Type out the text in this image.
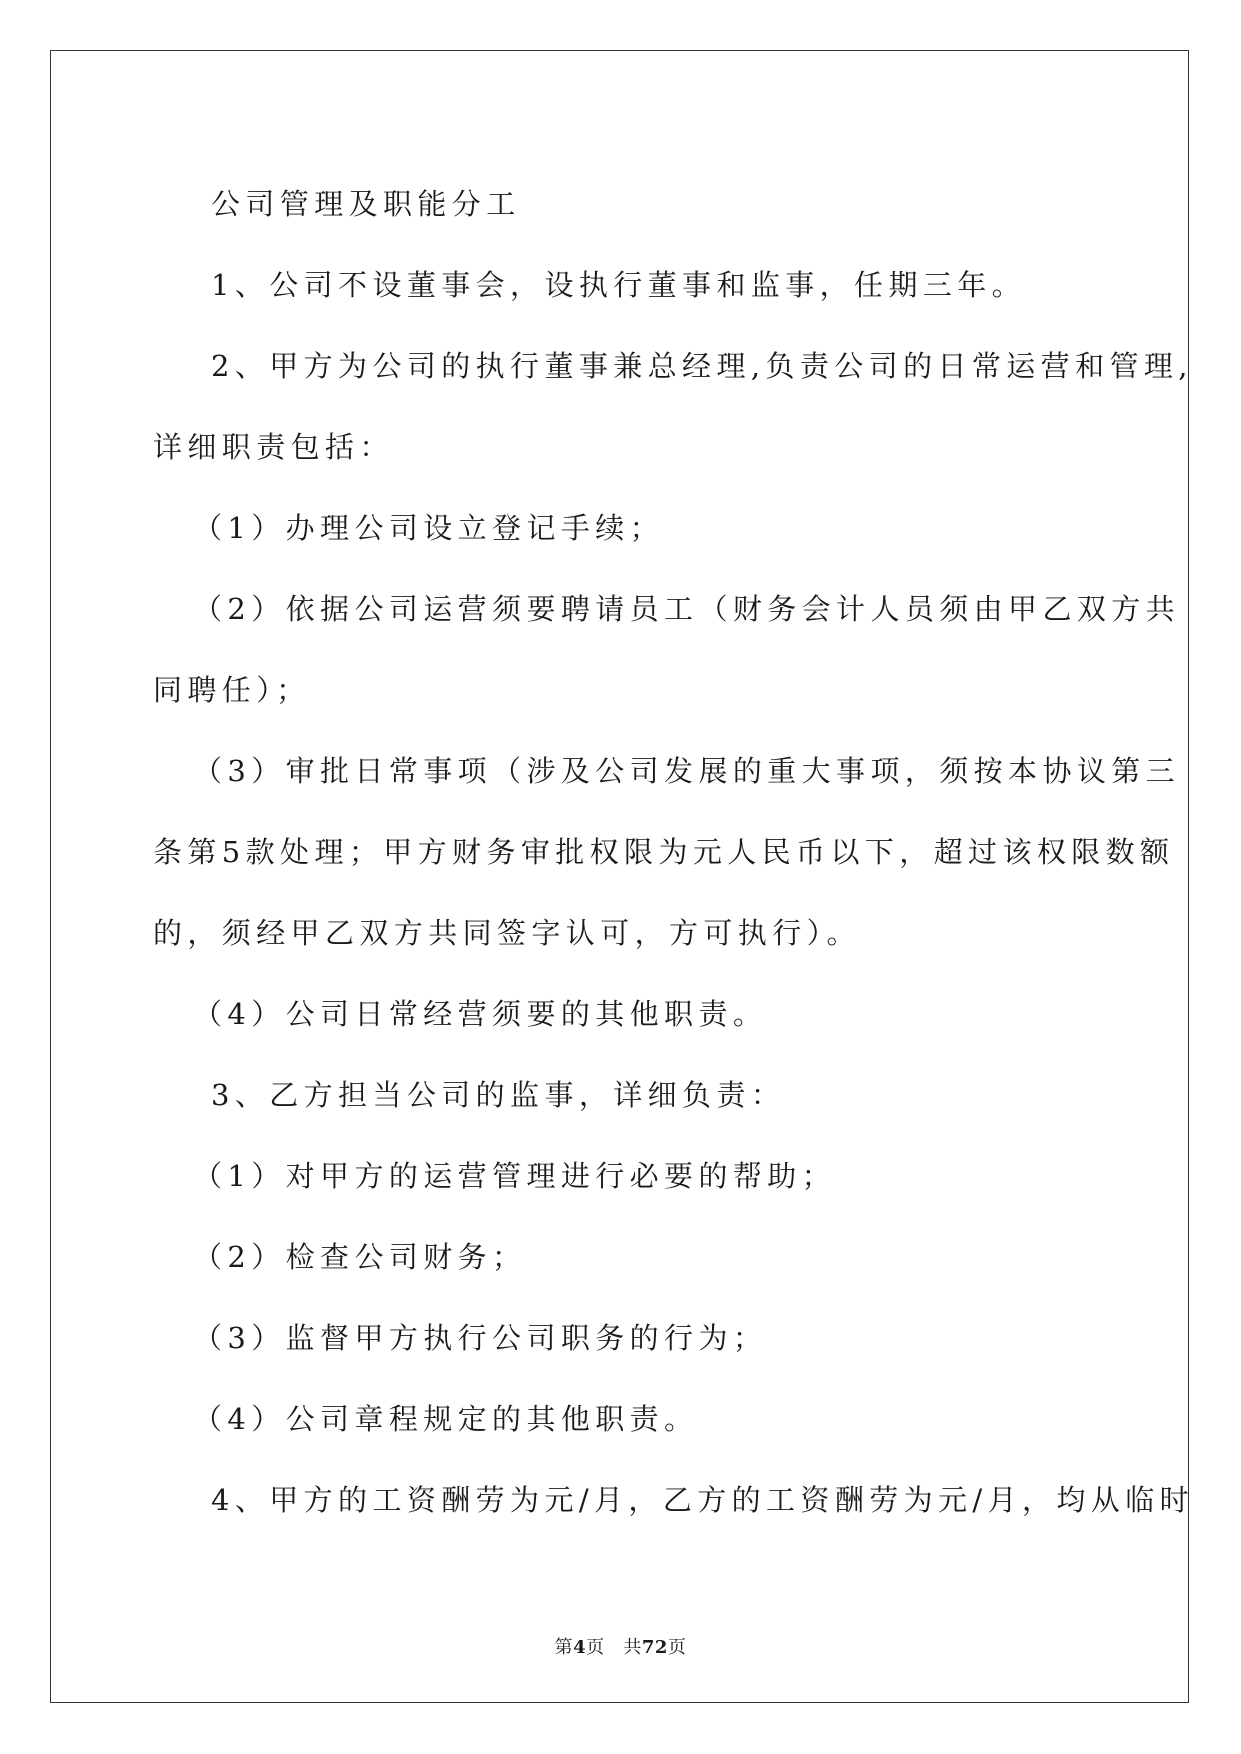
公司管理及职能分工

1、公司不设董事会，设执行董事和监事，任期三年。

2、甲方为公司的执行董事兼总经理,负责公司的日常运营和管理,
详细职责包括：

（1）办理公司设立登记手续；

（2）依据公司运营须要聘请员工（财务会计人员须由甲乙双方共
同聘任）；

（3）审批日常事项（涉及公司发展的重大事项，须按本协议第三
条第5款处理；甲方财务审批权限为元人民币以下，超过该权限数额
的，须经甲乙双方共同签字认可，方可执行）。

（4）公司日常经营须要的其他职责。

3、乙方担当公司的监事，详细负责：

（1）对甲方的运营管理进行必要的帮助；

（2）检查公司财务；

（3）监督甲方执行公司职务的行为；

（4）公司章程规定的其他职责。

4、甲方的工资酬劳为元/月，乙方的工资酬劳为元/月，均从临时

第4页 共72页
